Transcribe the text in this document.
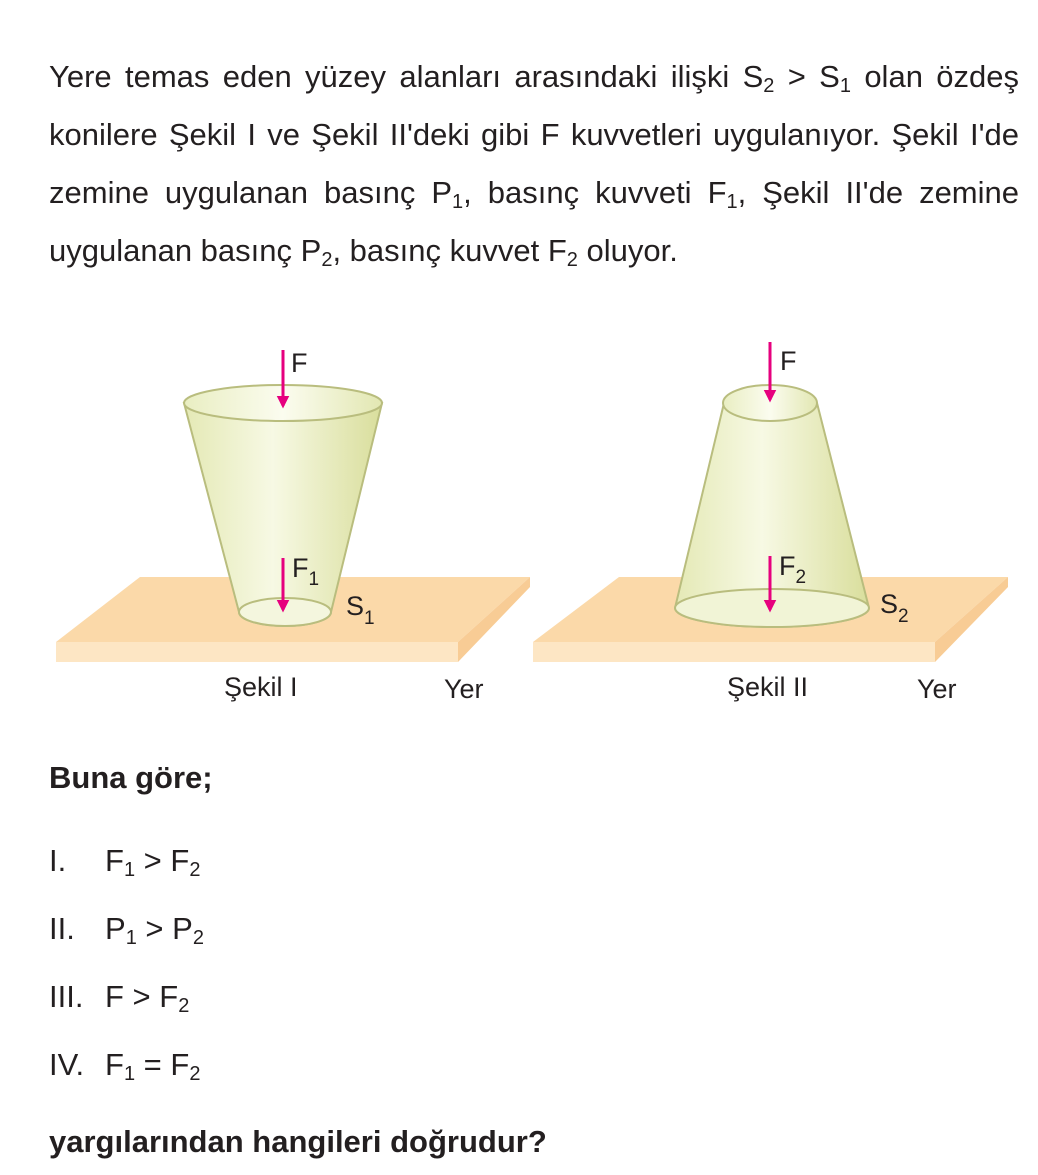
Yere temas eden yüzey alanları arasındaki ilişki $S_2 > S_1$ olan özdeş konilere Şekil I ve Şekil II'deki gibi F kuvvetleri uygulanıyor. Şekil I'de zemine uygulanan basınç $P_1$, basınç kuvveti $F_1$, Şekil II'de zemine uygulanan basınç $P_2$, basınç kuvvet $F_2$ oluyor.

F
$F_1$
$S_1$
Şekil I	Yer
F
$F_2$
$S_2$
Şekil II	Yer

Buna göre;

I. $F_1 > F_2$
II. $P_1 > P_2$
III. $F > F_2$
IV. $F_1 = F_2$

yargılarından hangileri doğrudur?
